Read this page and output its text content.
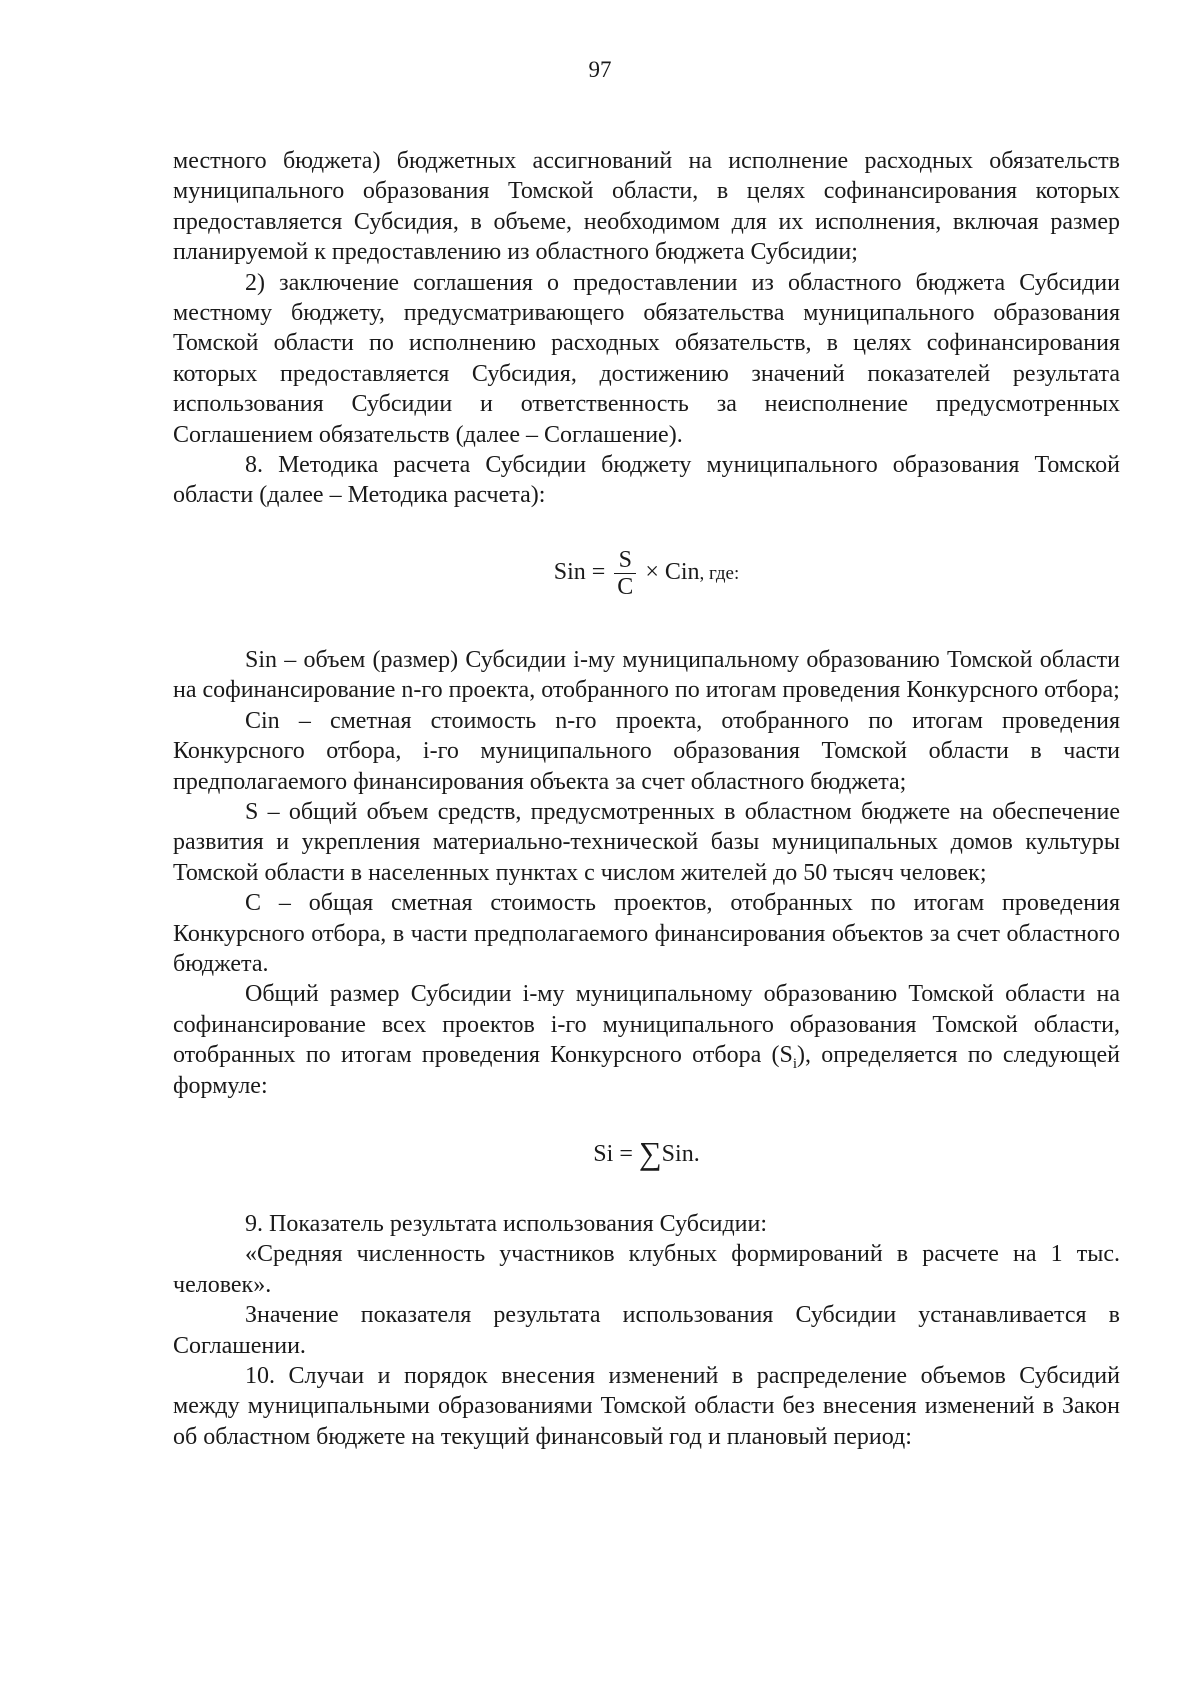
97

местного бюджета) бюджетных ассигнований на исполнение расходных обязательств муниципального образования Томской области, в целях софинансирования которых предоставляется Субсидия, в объеме, необходимом для их исполнения, включая размер планируемой к предоставлению из областного бюджета Субсидии;

2) заключение соглашения о предоставлении из областного бюджета Субсидии местному бюджету, предусматривающего обязательства муниципального образования Томской области по исполнению расходных обязательств, в целях софинансирования которых предоставляется Субсидия, достижению значений показателей результата использования Субсидии и ответственность за неисполнение предусмотренных Соглашением обязательств (далее – Соглашение).

8. Методика расчета Субсидии бюджету муниципального образования Томской области (далее – Методика расчета):

Sin = $\frac{S}{C}$ × Cin, где:

Sin – объем (размер) Субсидии i-му муниципальному образованию Томской области на софинансирование n-го проекта, отобранного по итогам проведения Конкурсного отбора;

Cin – сметная стоимость n-го проекта, отобранного по итогам проведения Конкурсного отбора, i-го муниципального образования Томской области в части предполагаемого финансирования объекта за счет областного бюджета;

S – общий объем средств, предусмотренных в областном бюджете на обеспечение развития и укрепления материально-технической базы муниципальных домов культуры Томской области в населенных пунктах с числом жителей до 50 тысяч человек;

C – общая сметная стоимость проектов, отобранных по итогам проведения Конкурсного отбора, в части предполагаемого финансирования объектов за счет областного бюджета.

Общий размер Субсидии i-му муниципальному образованию Томской области на софинансирование всех проектов i-го муниципального образования Томской области, отобранных по итогам проведения Конкурсного отбора $(S_i)$, определяется по следующей формуле:

Si = ∑Sin.

9. Показатель результата использования Субсидии:

«Средняя численность участников клубных формирований в расчете на 1 тыс. человек».

Значение показателя результата использования Субсидии устанавливается в Соглашении.

10. Случаи и порядок внесения изменений в распределение объемов Субсидий между муниципальными образованиями Томской области без внесения изменений в Закон об областном бюджете на текущий финансовый год и плановый период:
